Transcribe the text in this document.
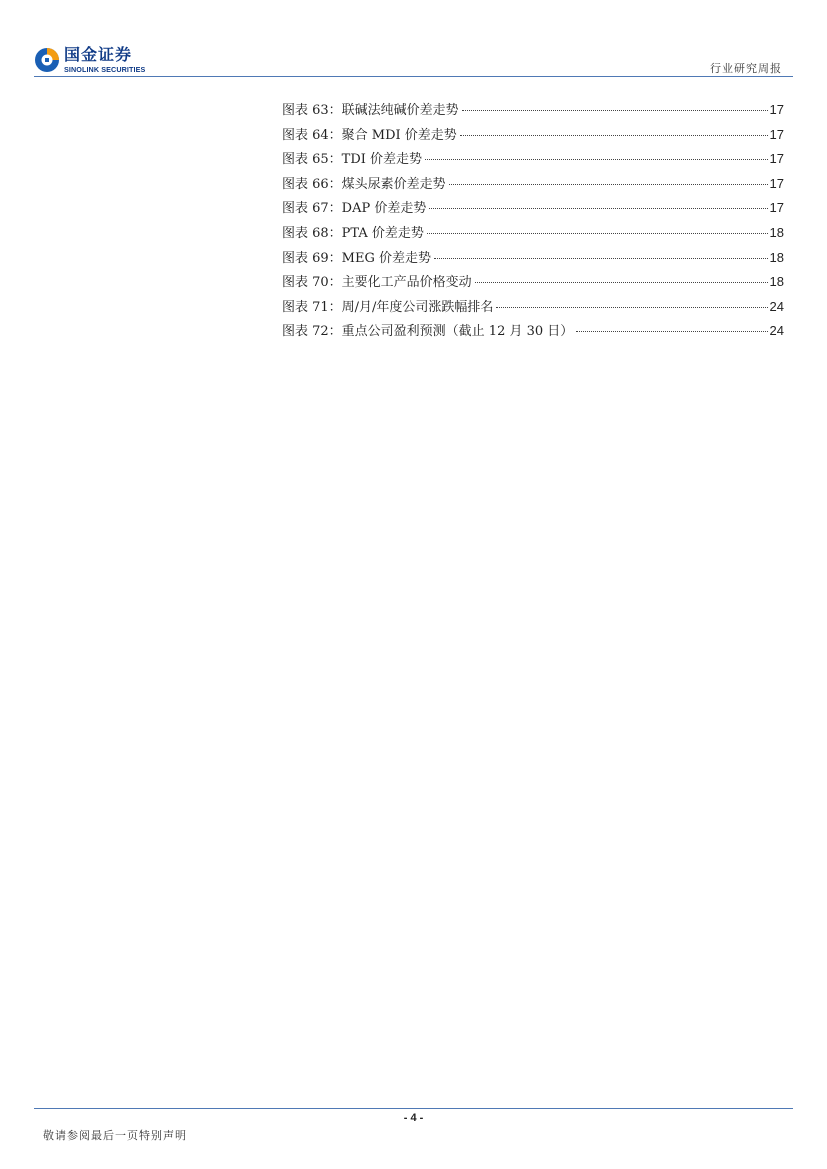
国金证券
SINOLINK SECURITIES	行业研究周报
图表 63：联碱法纯碱价差走势	17
图表 64：聚合 MDI 价差走势	17
图表 65：TDI 价差走势	17
图表 66：煤头尿素价差走势	17
图表 67：DAP 价差走势	17
图表 68：PTA 价差走势	18
图表 69：MEG 价差走势	18
图表 70：主要化工产品价格变动	18
图表 71：周/月/年度公司涨跌幅排名	24
图表 72：重点公司盈利预测（截止 12 月 30 日）	24
- 4 -
敬请参阅最后一页特别声明
